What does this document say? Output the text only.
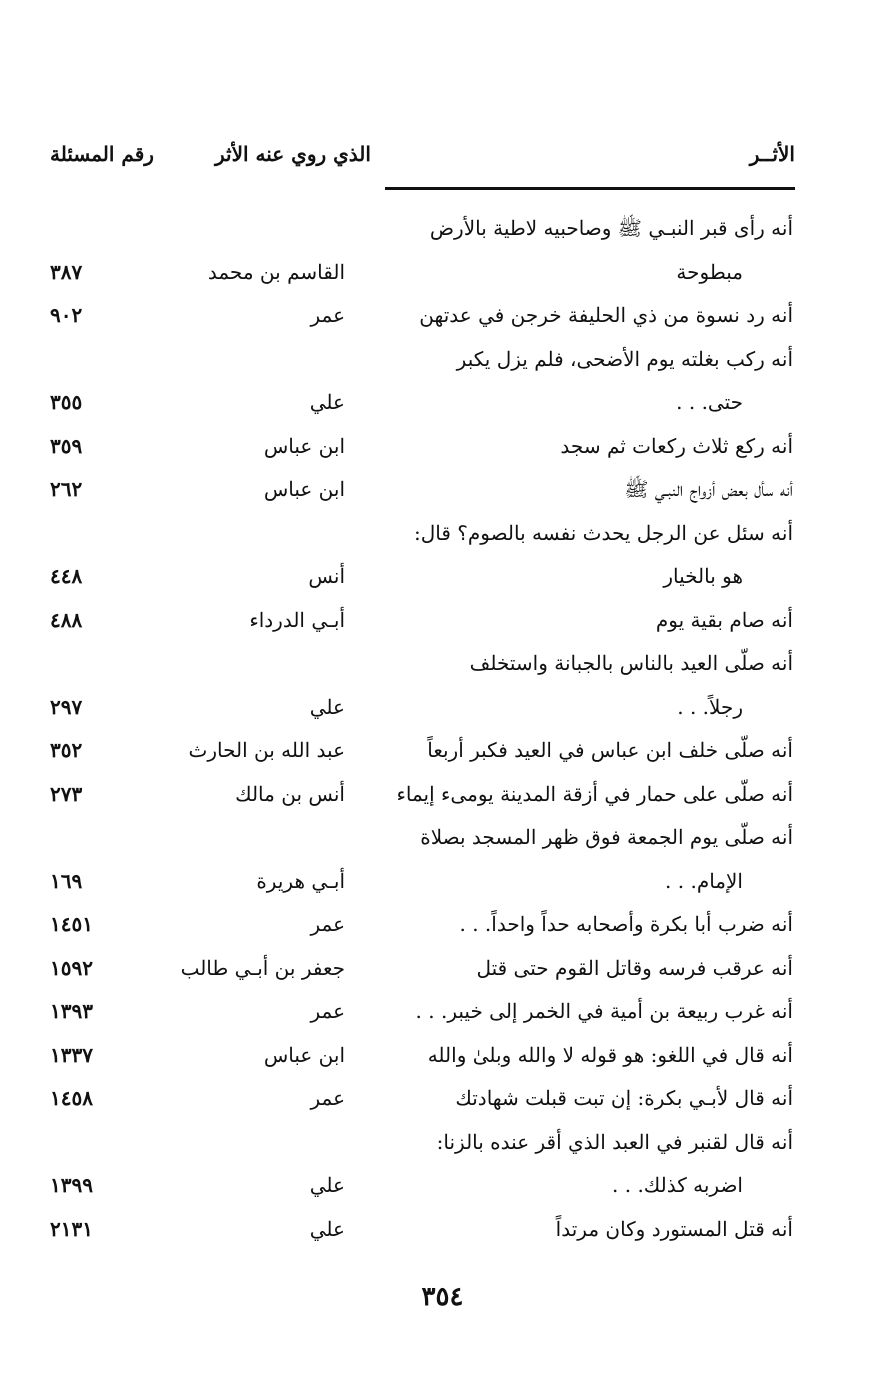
الأثــر
الذي روي عنه الأثر
رقم المسئلة
أنه رأى قبر النبـي ﷺ وصاحبيه لاطية بالأرض
مبطوحة
القاسم بن محمد
٣٨٧
أنه رد نسوة من ذي الحليفة خرجن في عدتهن
عمر
٩٠٢
أنه ركب بغلته يوم الأضحى، فلم يزل يكبر
حتى. . .
علي
٣٥٥
أنه ركع ثلاث ركعات ثم سجد
ابن عباس
٣٥٩
أنه سأل بعض أزواج النبـي ﷺ
ابن عباس
٢٦٢
أنه سئل عن الرجل يحدث نفسه بالصوم؟ قال:
هو بالخيار
أنس
٤٤٨
أنه صام بقية يوم
أبـي الدرداء
٤٨٨
أنه صلّى العيد بالناس بالجبانة واستخلف
رجلاً. . .
علي
٢٩٧
أنه صلّى خلف ابن عباس في العيد فكبر أربعاً
عبد الله بن الحارث
٣٥٢
أنه صلّى على حمار في أزقة المدينة يومىء إيماء
أنس بن مالك
٢٧٣
أنه صلّى يوم الجمعة فوق ظهر المسجد بصلاة
الإمام. . .
أبـي هريرة
١٦٩
أنه ضرب أبا بكرة وأصحابه حداً واحداً. . .
عمر
١٤٥١
أنه عرقب فرسه وقاتل القوم حتى قتل
جعفر بن أبـي طالب
١٥٩٢
أنه غرب ربيعة بن أمية في الخمر إلى خيبر. . .
عمر
١٣٩٣
أنه قال في اللغو: هو قوله لا والله وبلىٰ والله
ابن عباس
١٣٣٧
أنه قال لأبـي بكرة: إن تبت قبلت شهادتك
عمر
١٤٥٨
أنه قال لقنبر في العبد الذي أقر عنده بالزنا:
اضربه كذلك. . .
علي
١٣٩٩
أنه قتل المستورد وكان مرتداً
علي
٢١٣١
٣٥٤
